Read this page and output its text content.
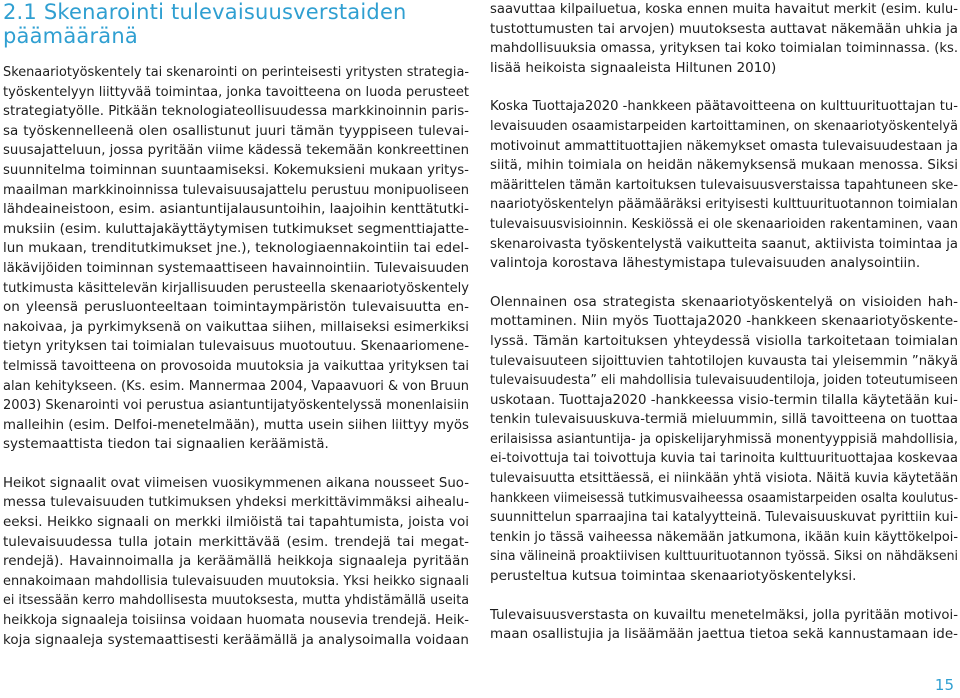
2.1 Skenarointi tulevaisuusverstaiden
päämääränä
Skenaariotyöskentely tai skenarointi on perinteisesti yritysten strategia-
työskentelyyn liittyvää toimintaa, jonka tavoitteena on luoda perusteet
strategiatyölle. Pitkään teknologiateollisuudessa markkinoinnin paris-
sa työskennelleenä olen osallistunut juuri tämän tyyppiseen tulevai-
suusajatteluun, jossa pyritään viime kädessä tekemään konkreettinen
suunnitelma toiminnan suuntaamiseksi. Kokemuksieni mukaan yritys-
maailman markkinoinnissa tulevaisuusajattelu perustuu monipuoliseen
lähdeaineistoon, esim. asiantuntijalausuntoihin, laajoihin kenttätutki-
muksiin (esim. kuluttajakäyttäytymisen tutkimukset segmenttiajatte-
lun mukaan, trenditutkimukset jne.), teknologiaennakointiin tai edel-
läkävijöiden toiminnan systemaattiseen havainnointiin. Tulevaisuuden
tutkimusta käsittelevän kirjallisuuden perusteella skenaariotyöskentely
on yleensä perusluonteeltaan toimintaympäristön tulevaisuutta en-
nakoivaa, ja pyrkimyksenä on vaikuttaa siihen, millaiseksi esimerkiksi
tietyn yrityksen tai toimialan tulevaisuus muotoutuu. Skenaariomene-
telmissä tavoitteena on provosoida muutoksia ja vaikuttaa yrityksen tai
alan kehitykseen. (Ks. esim. Mannermaa 2004, Vapaavuori & von Bruun
2003) Skenarointi voi perustua asiantuntijatyöskentelyssä monenlaisiin
malleihin (esim. Delfoi-menetelmään), mutta usein siihen liittyy myös
systemaattista tiedon tai signaalien keräämistä.
Heikot signaalit ovat viimeisen vuosikymmenen aikana nousseet Suo-
messa tulevaisuuden tutkimuksen yhdeksi merkittävimmäksi aihealu-
eeksi. Heikko signaali on merkki ilmiöistä tai tapahtumista, joista voi
tulevaisuudessa tulla jotain merkittävää (esim. trendejä tai megat-
rendejä). Havainnoimalla ja keräämällä heikkoja signaaleja pyritään
ennakoimaan mahdollisia tulevaisuuden muutoksia. Yksi heikko signaali
ei itsessään kerro mahdollisesta muutoksesta, mutta yhdistämällä useita
heikkoja signaaleja toisiinsa voidaan huomata nousevia trendejä. Heik-
koja signaaleja systemaattisesti keräämällä ja analysoimalla voidaan
saavuttaa kilpailuetua, koska ennen muita havaitut merkit (esim. kulu-
tustottumusten tai arvojen) muutoksesta auttavat näkemään uhkia ja
mahdollisuuksia omassa, yrityksen tai koko toimialan toiminnassa. (ks.
lisää heikoista signaaleista Hiltunen 2010)
Koska Tuottaja2020 -hankkeen päätavoitteena on kulttuurituottajan tu-
levaisuuden osaamistarpeiden kartoittaminen, on skenaariotyöskentelyä
motivoinut ammattituottajien näkemykset omasta tulevaisuudestaan ja
siitä, mihin toimiala on heidän näkemyksensä mukaan menossa. Siksi
määrittelen tämän kartoituksen tulevaisuusverstaissa tapahtuneen ske-
naariotyöskentelyn päämääräksi erityisesti kulttuurituotannon toimialan
tulevaisuusvisioinnin. Keskiössä ei ole skenaarioiden rakentaminen, vaan
skenaroivasta työskentelystä vaikutteita saanut, aktiivista toimintaa ja
valintoja korostava lähestymistapa tulevaisuuden analysointiin.
Olennainen osa strategista skenaariotyöskentelyä on visioiden hah-
mottaminen. Niin myös Tuottaja2020 -hankkeen skenaariotyöskente-
lyssä. Tämän kartoituksen yhteydessä visiolla tarkoitetaan toimialan
tulevaisuuteen sijoittuvien tahtotilojen kuvausta tai yleisemmin ”näkyä
tulevaisuudesta” eli mahdollisia tulevaisuudentiloja, joiden toteutumiseen
uskotaan. Tuottaja2020 -hankkeessa visio-termin tilalla käytetään kui-
tenkin tulevaisuuskuva-termiä mieluummin, sillä tavoitteena on tuottaa
erilaisissa asiantuntija- ja opiskelijaryhmissä monentyyppisiä mahdollisia,
ei-toivottuja tai toivottuja kuvia tai tarinoita kulttuurituottajaa koskevaa
tulevaisuutta etsittäessä, ei niinkään yhtä visiota. Näitä kuvia käytetään
hankkeen viimeisessä tutkimusvaiheessa osaamistarpeiden osalta koulutus-
suunnittelun sparraajina tai katalyytteinä. Tulevaisuuskuvat pyrittiin kui-
tenkin jo tässä vaiheessa näkemään jatkumona, ikään kuin käyttökelpoi-
sina välineinä proaktiivisen kulttuurituotannon työssä. Siksi on nähdäkseni
perusteltua kutsua toimintaa skenaariotyöskentelyksi.
Tulevaisuusverstasta on kuvailtu menetelmäksi, jolla pyritään motivoi-
maan osallistujia ja lisäämään jaettua tietoa sekä kannustamaan ide-
15
